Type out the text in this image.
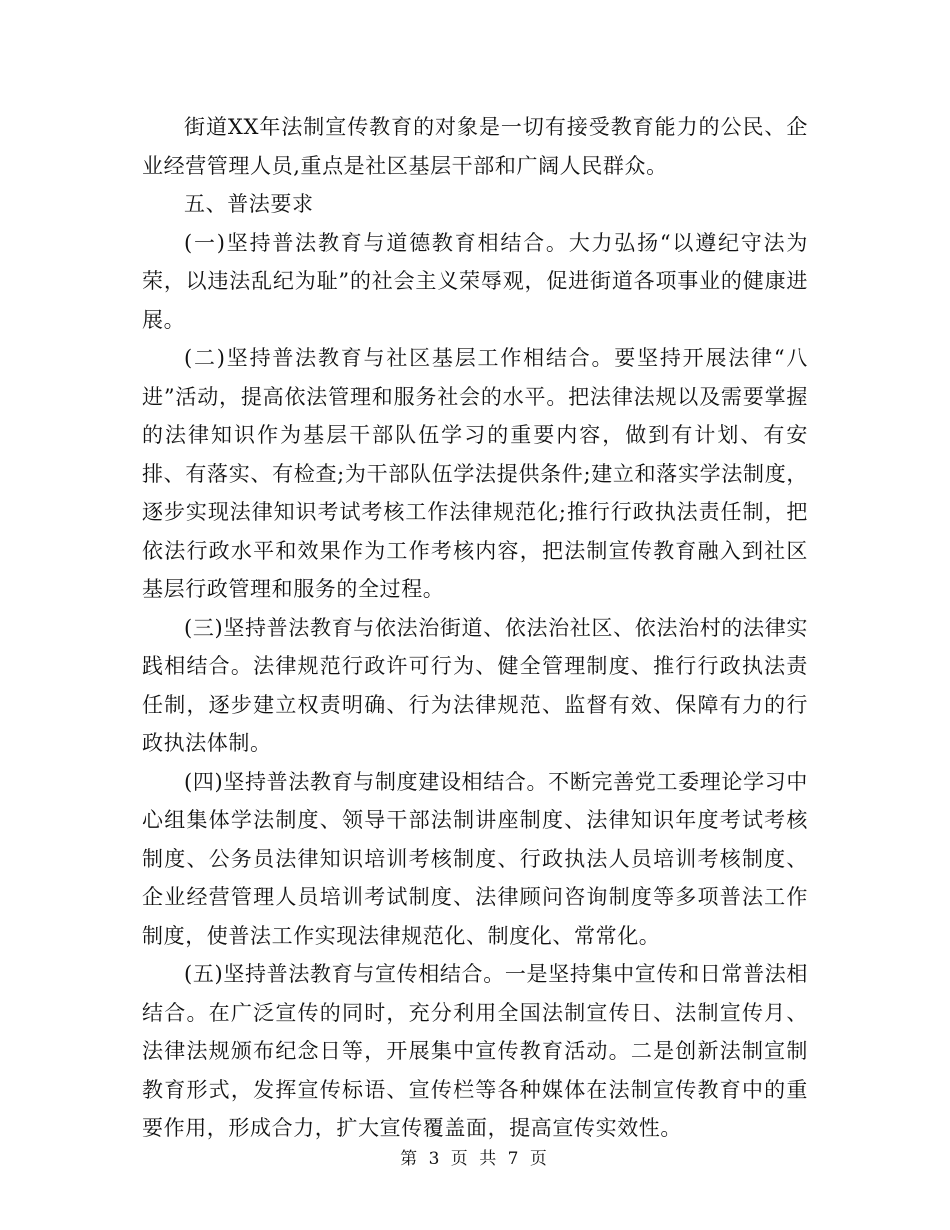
街道XX年法制宣传教育的对象是一切有接受教育能力的公民、企业经营管理人员,重点是社区基层干部和广阔人民群众。

五、普法要求

(一)坚持普法教育与道德教育相结合。大力弘扬“以遵纪守法为荣，以违法乱纪为耻”的社会主义荣辱观，促进街道各项事业的健康进展。

(二)坚持普法教育与社区基层工作相结合。要坚持开展法律“八进”活动，提高依法管理和服务社会的水平。把法律法规以及需要掌握的法律知识作为基层干部队伍学习的重要内容，做到有计划、有安排、有落实、有检查;为干部队伍学法提供条件;建立和落实学法制度，逐步实现法律知识考试考核工作法律规范化;推行行政执法责任制，把依法行政水平和效果作为工作考核内容，把法制宣传教育融入到社区基层行政管理和服务的全过程。

(三)坚持普法教育与依法治街道、依法治社区、依法治村的法律实践相结合。法律规范行政许可行为、健全管理制度、推行行政执法责任制，逐步建立权责明确、行为法律规范、监督有效、保障有力的行政执法体制。

(四)坚持普法教育与制度建设相结合。不断完善党工委理论学习中心组集体学法制度、领导干部法制讲座制度、法律知识年度考试考核制度、公务员法律知识培训考核制度、行政执法人员培训考核制度、企业经营管理人员培训考试制度、法律顾问咨询制度等多项普法工作制度，使普法工作实现法律规范化、制度化、常常化。

(五)坚持普法教育与宣传相结合。一是坚持集中宣传和日常普法相结合。在广泛宣传的同时，充分利用全国法制宣传日、法制宣传月、法律法规颁布纪念日等，开展集中宣传教育活动。二是创新法制宣制教育形式，发挥宣传标语、宣传栏等各种媒体在法制宣传教育中的重要作用，形成合力，扩大宣传覆盖面，提高宣传实效性。

第 3 页 共 7 页
